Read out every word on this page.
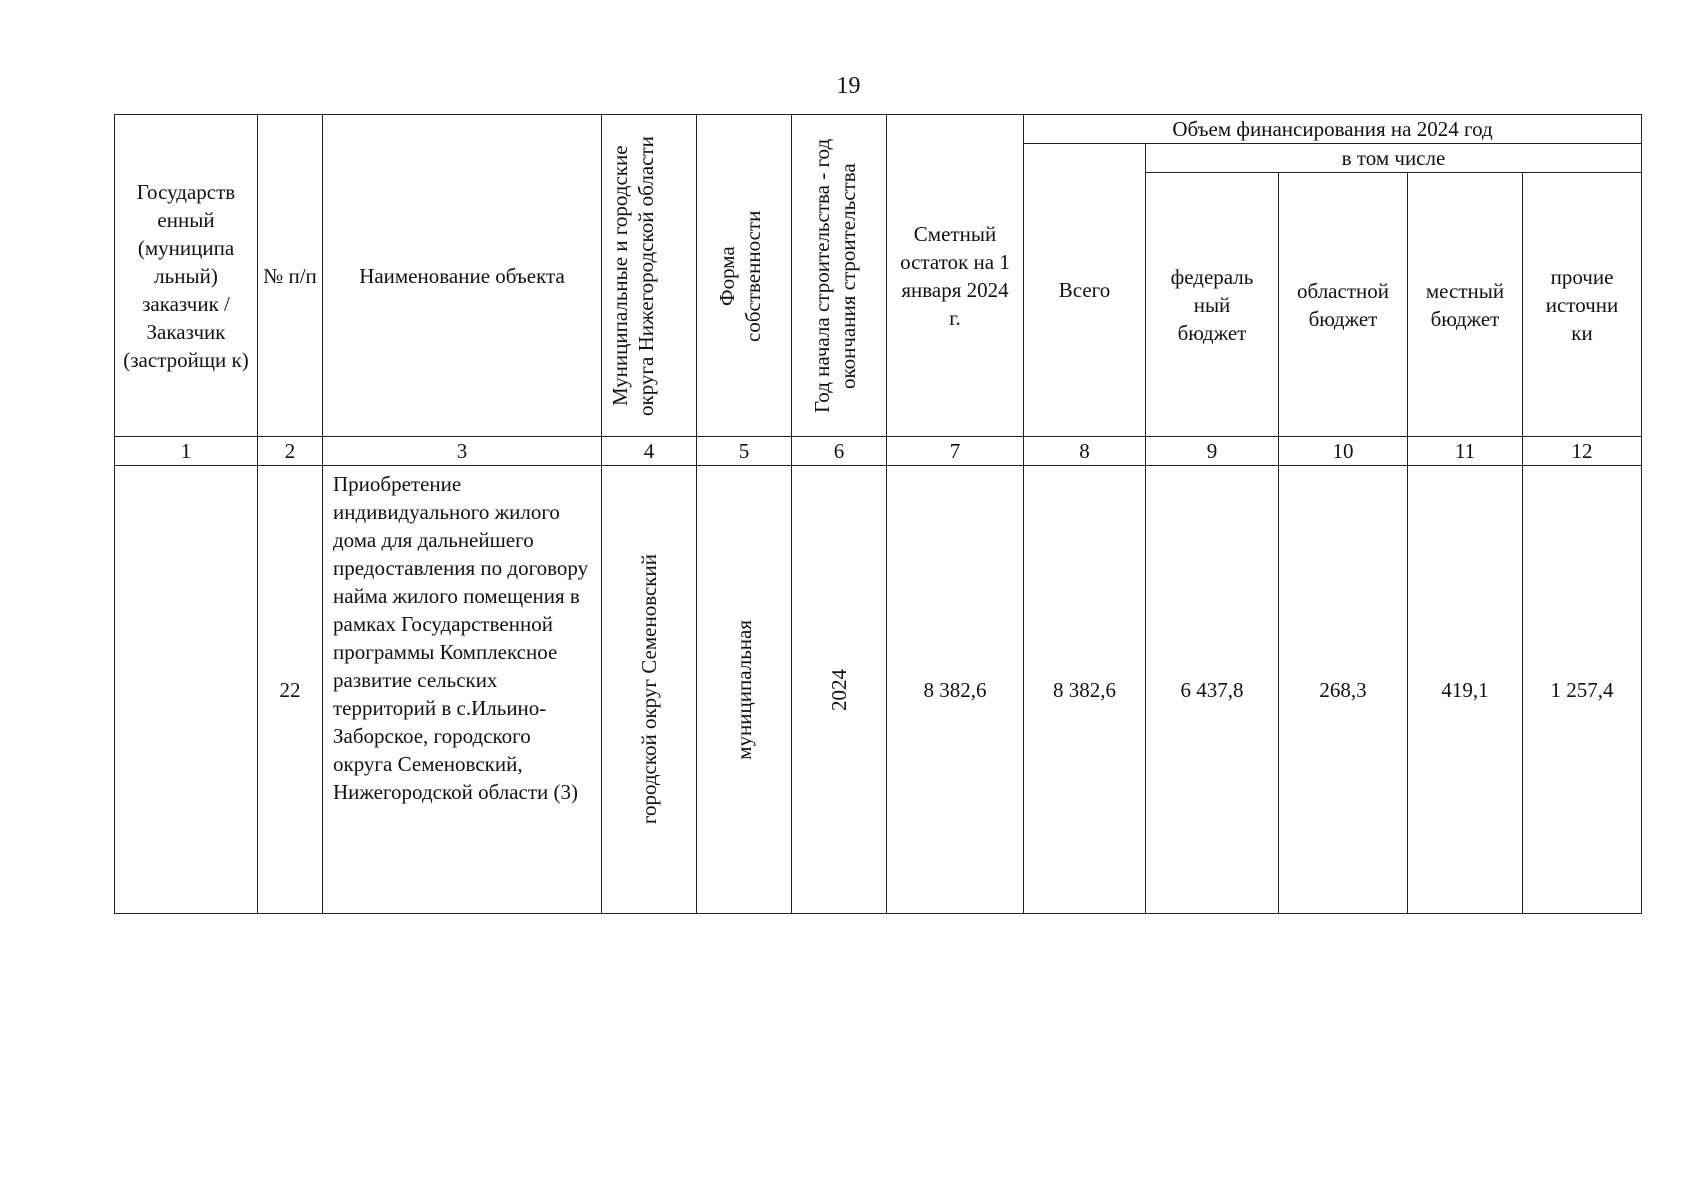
19
Государств енный (муниципа льный) заказчик / Заказчик (застройщи к)	№ п/п	Наименование объекта	Муниципальные и городские округа Нижегородской области	Форма собственности	Год начала строительства - год окончания строительства	Сметный остаток на 1 января 2024 г.	Объем финансирования на 2024 год				
							Всего	в том числе			
								федераль ный бюджет	областной бюджет	местный бюджет	прочие источни ки
1	2	3	4	5	6	7	8	9	10	11	12
	22	Приобретение индивидуального жилого дома для дальнейшего предоставления по договору найма жилого помещения в рамках Государственной программы Комплексное развитие сельских территорий в с.Ильино-Заборское, городского округа Семеновский, Нижегородской области (3)	городской округ Семеновский	муниципальная	2024	8 382,6	8 382,6	6 437,8	268,3	419,1	1 257,4
